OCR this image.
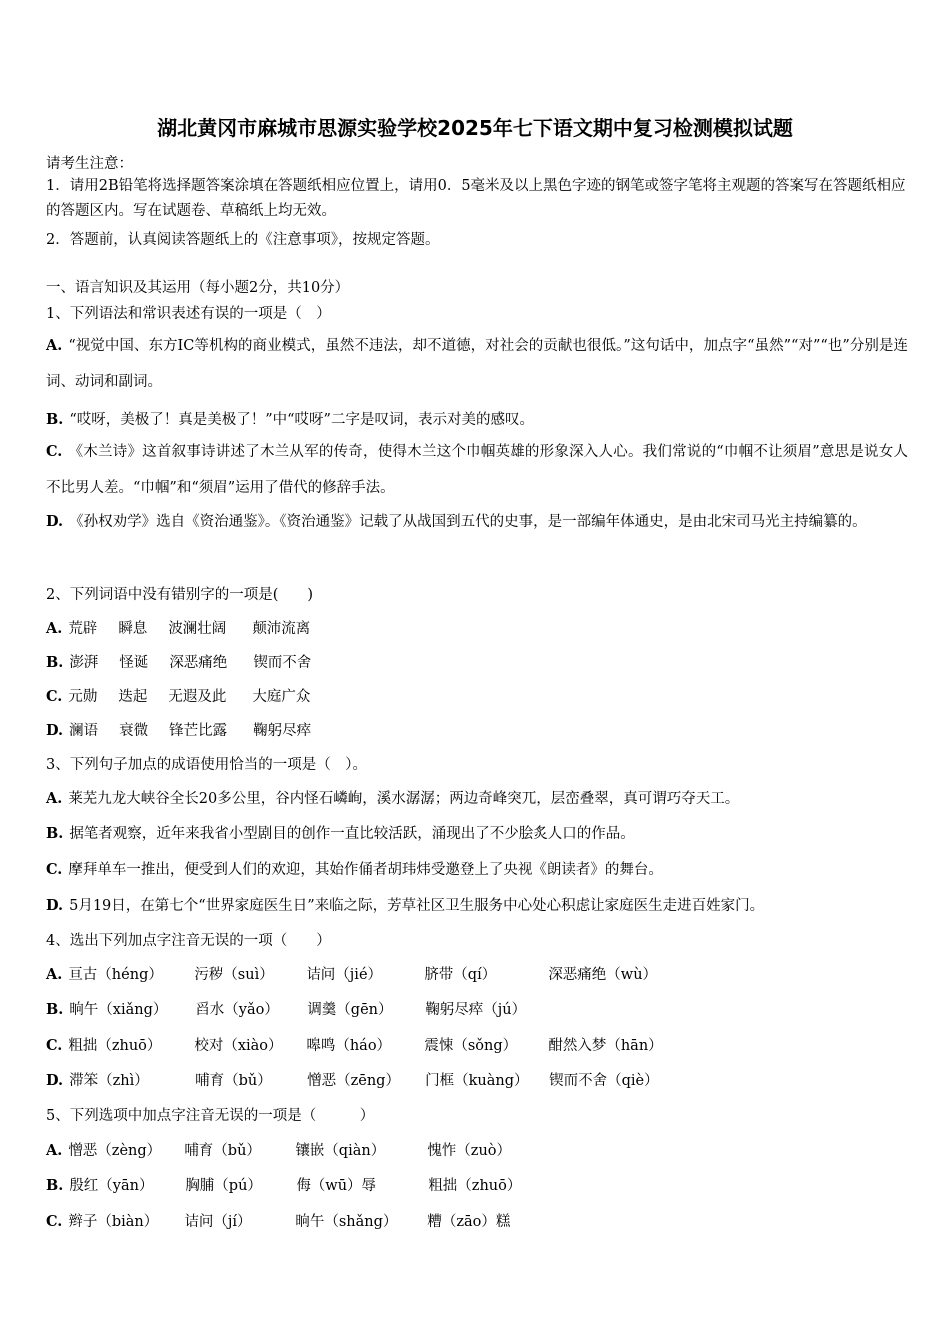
湖北黄冈市麻城市思源实验学校2025年七下语文期中复习检测模拟试题
请考生注意：
1．请用2B铅笔将选择题答案涂填在答题纸相应位置上，请用0．5毫米及以上黑色字迹的钢笔或签字笔将主观题的答案写在答题纸相应的答题区内。写在试题卷、草稿纸上均无效。
2．答题前，认真阅读答题纸上的《注意事项》，按规定答题。
一、语言知识及其运用（每小题2分，共10分）
1、下列语法和常识表述有误的一项是（　）
A. “视觉中国、东方IC等机构的商业模式，虽然不违法，却不道德，对社会的贡献也很低。”这句话中，加点字“虽然”“对”“也”分别是连词、动词和副词。
B. “哎呀，美极了！真是美极了！”中“哎呀”二字是叹词，表示对美的感叹。
C. 《木兰诗》这首叙事诗讲述了木兰从军的传奇，使得木兰这个巾帼英雄的形象深入人心。我们常说的“巾帼不让须眉”意思是说女人不比男人差。“巾帼”和“须眉”运用了借代的修辞手法。
D. 《孙权劝学》选自《资治通鉴》。《资治通鉴》记载了从战国到五代的史事，是一部编年体通史，是由北宋司马光主持编纂的。
2、下列词语中没有错别字的一项是(　　)
A. 荒辟 瞬息 波澜壮阔 颠沛流离
B. 澎湃 怪诞 深恶痛绝 锲而不舍
C. 元勋 迭起 无遐及此 大庭广众
D. 澜语 衰微 锋芒比露 鞠躬尽瘁
3、下列句子加点的成语使用恰当的一项是（　）。
A. 莱芜九龙大峡谷全长20多公里，谷内怪石嶙峋，溪水潺潺；两边奇峰突兀，层峦叠翠，真可谓巧夺天工。
B. 据笔者观察，近年来我省小型剧目的创作一直比较活跃，涌现出了不少脍炙人口的作品。
C. 摩拜单车一推出，便受到人们的欢迎，其始作俑者胡玮炜受邀登上了央视《朗读者》的舞台。
D. 5月19日，在第七个“世界家庭医生日”来临之际，芳草社区卫生服务中心处心积虑让家庭医生走进百姓家门。
4、选出下列加点字注音无误的一项（　　）
A. 亘古（héng） 污秽（suì） 诘问（jié）	脐带（qí）	深恶痛绝（wù）
B. 晌午（xiǎng） 舀水（yǎo） 调羹（gēn） 鞠躬尽瘁（jú）
C. 粗拙（zhuō） 校对（xiào） 嗥鸣（háo） 震悚（sǒng） 酣然入梦（hān）
D. 滞笨（zhì）	哺育（bǔ） 憎恶（zēng） 门框（kuàng） 锲而不舍（qiè）
5、下列选项中加点字注音无误的一项是（　　　）
A. 憎恶（zèng） 哺育（bǔ） 镶嵌（qiàn）	愧怍（zuò）
B. 殷红（yān） 胸脯（pú） 侮（wū）辱	粗拙（zhuō）
C. 辫子（biàn） 诘问（jí）	晌午（shǎng） 糟（zāo）糕
